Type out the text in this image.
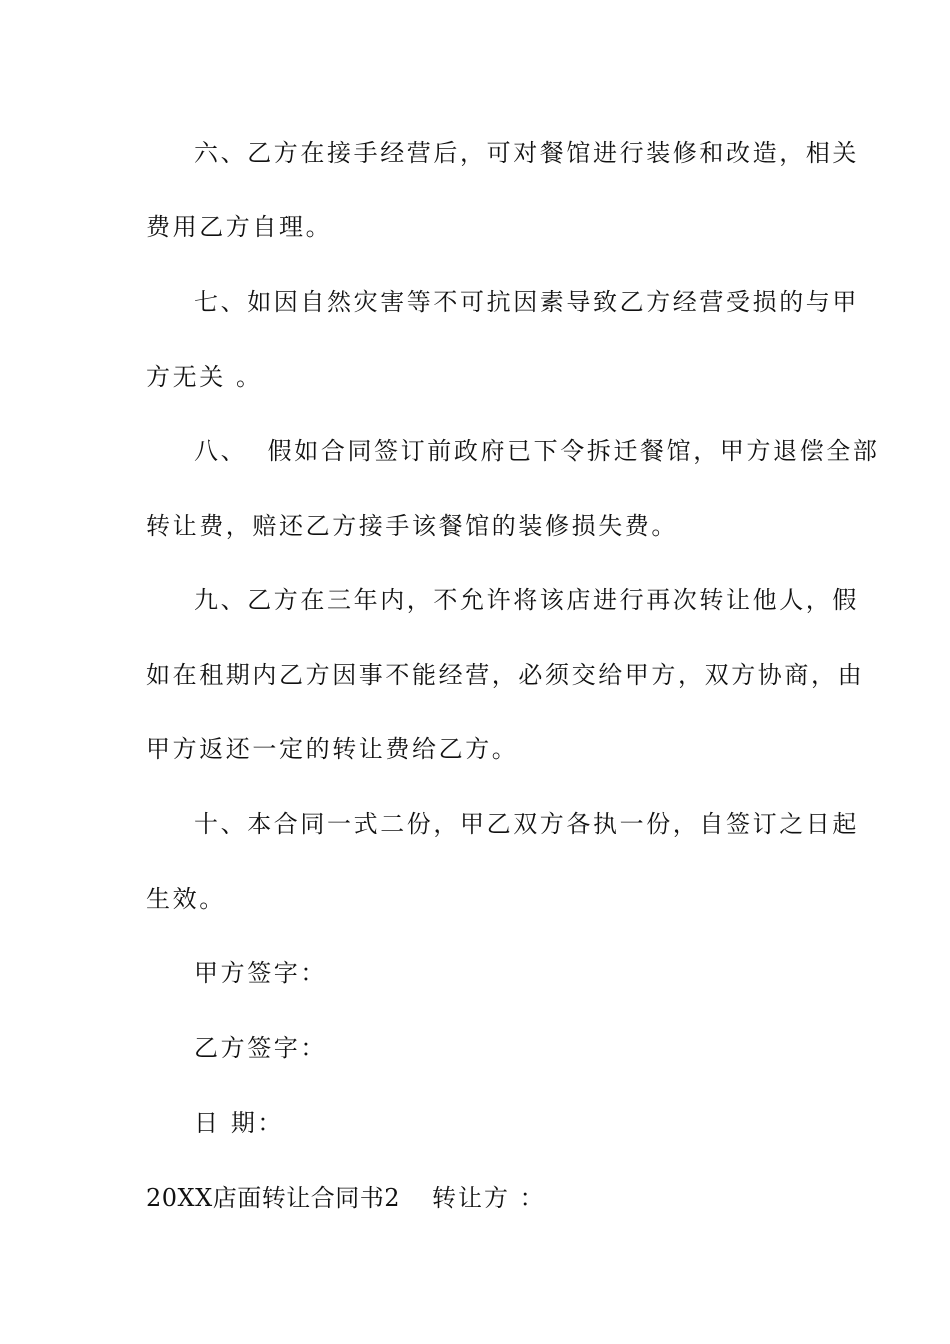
六、乙方在接手经营后，可对餐馆进行装修和改造，相关
费用乙方自理。
七、如因自然灾害等不可抗因素导致乙方经营受损的与甲
方无关 。
八、  假如合同签订前政府已下令拆迁餐馆，甲方退偿全部
转让费，赔还乙方接手该餐馆的装修损失费。
九、乙方在三年内，不允许将该店进行再次转让他人，假
如在租期内乙方因事不能经营，必须交给甲方，双方协商，由
甲方返还一定的转让费给乙方。
十、本合同一式二份，甲乙双方各执一份，自签订之日起
生效。
甲方签字：
乙方签字：
日 期：
20XX店面转让合同书2 转让方 ：
